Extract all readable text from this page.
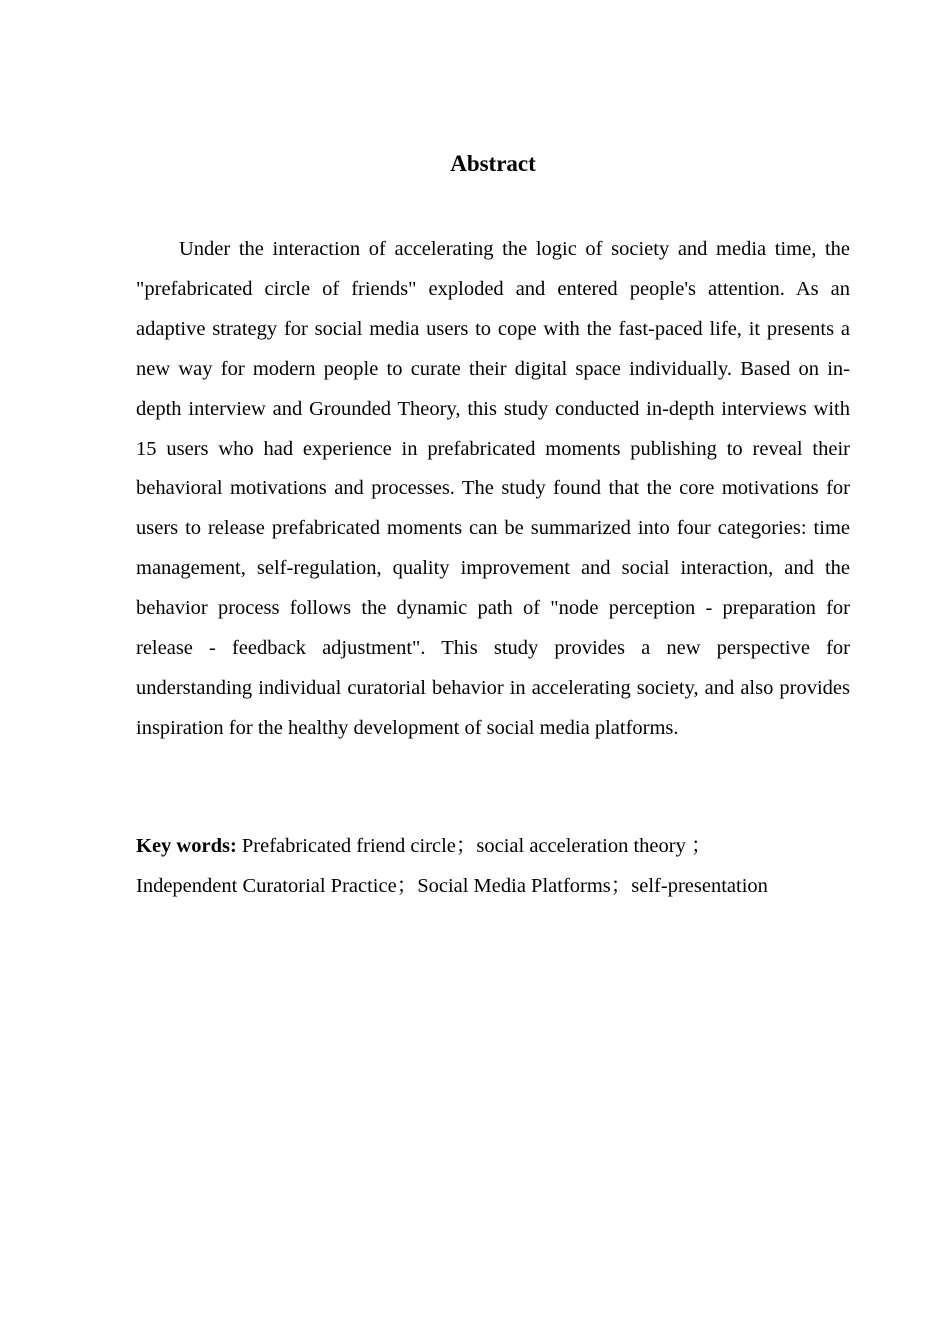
Abstract

Under the interaction of accelerating the logic of society and media time, the "prefabricated circle of friends" exploded and entered people's attention. As an adaptive strategy for social media users to cope with the fast-paced life, it presents a new way for modern people to curate their digital space individually. Based on in-depth interview and Grounded Theory, this study conducted in-depth interviews with 15 users who had experience in prefabricated moments publishing to reveal their behavioral motivations and processes. The study found that the core motivations for users to release prefabricated moments can be summarized into four categories: time management, self-regulation, quality improvement and social interaction, and the behavior process follows the dynamic path of "node perception - preparation for release - feedback adjustment". This study provides a new perspective for understanding individual curatorial behavior in accelerating society, and also provides inspiration for the healthy development of social media platforms.

Key words: Prefabricated friend circle；social acceleration theory ；
Independent Curatorial Practice；Social Media Platforms；self-presentation
